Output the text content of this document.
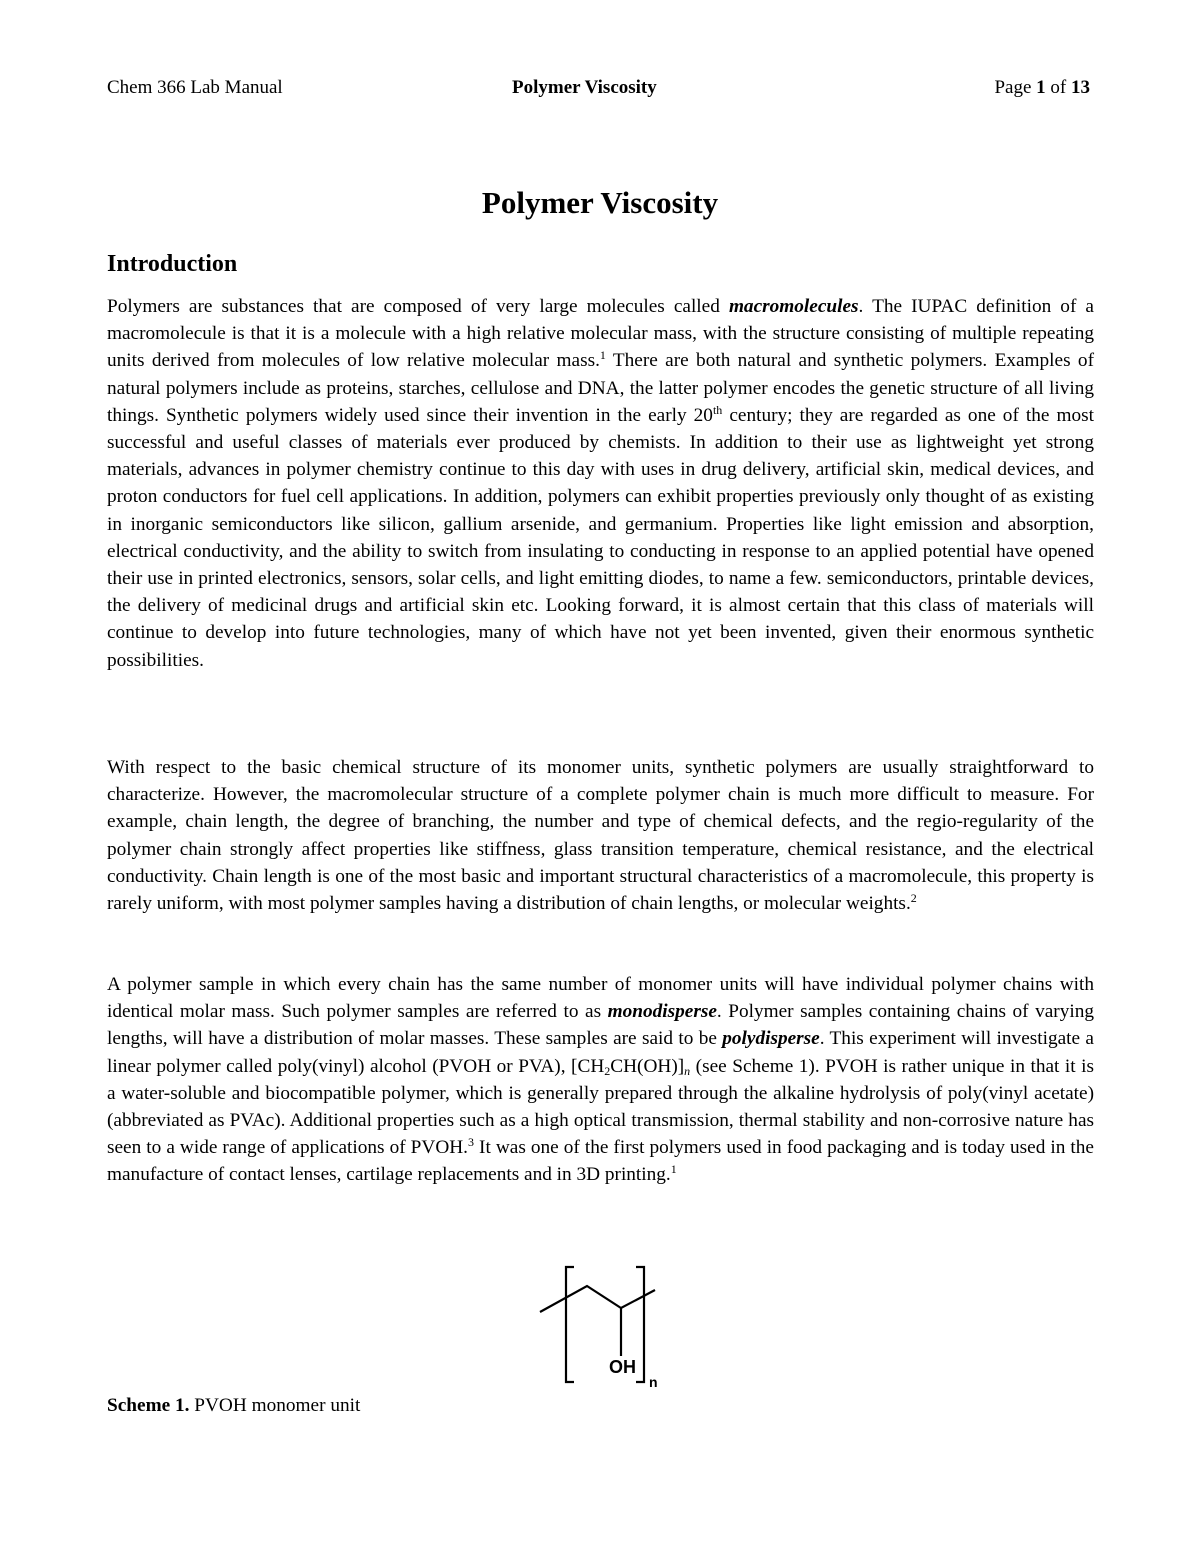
Chem 366 Lab Manual	Polymer Viscosity	Page 1 of 13
Polymer Viscosity
Introduction
Polymers are substances that are composed of very large molecules called macromolecules. The IUPAC definition of a macromolecule is that it is a molecule with a high relative molecular mass, with the structure consisting of multiple repeating units derived from molecules of low relative molecular mass.$^1$ There are both natural and synthetic polymers. Examples of natural polymers include as proteins, starches, cellulose and DNA, the latter polymer encodes the genetic structure of all living things. Synthetic polymers widely used since their invention in the early 20th century; they are regarded as one of the most successful and useful classes of materials ever produced by chemists. In addition to their use as lightweight yet strong materials, advances in polymer chemistry continue to this day with uses in drug delivery, artificial skin, medical devices, and proton conductors for fuel cell applications. In addition, polymers can exhibit properties previously only thought of as existing in inorganic semiconductors like silicon, gallium arsenide, and germanium. Properties like light emission and absorption, electrical conductivity, and the ability to switch from insulating to conducting in response to an applied potential have opened their use in printed electronics, sensors, solar cells, and light emitting diodes, to name a few. semiconductors, printable devices, the delivery of medicinal drugs and artificial skin etc. Looking forward, it is almost certain that this class of materials will continue to develop into future technologies, many of which have not yet been invented, given their enormous synthetic possibilities.
With respect to the basic chemical structure of its monomer units, synthetic polymers are usually straightforward to characterize. However, the macromolecular structure of a complete polymer chain is much more difficult to measure. For example, chain length, the degree of branching, the number and type of chemical defects, and the regio-regularity of the polymer chain strongly affect properties like stiffness, glass transition temperature, chemical resistance, and the electrical conductivity. Chain length is one of the most basic and important structural characteristics of a macromolecule, this property is rarely uniform, with most polymer samples having a distribution of chain lengths, or molecular weights.$^2$
A polymer sample in which every chain has the same number of monomer units will have individual polymer chains with identical molar mass. Such polymer samples are referred to as monodisperse. Polymer samples containing chains of varying lengths, will have a distribution of molar masses. These samples are said to be polydisperse. This experiment will investigate a linear polymer called poly(vinyl) alcohol (PVOH or PVA), $[CH_2CH(OH)]_n$ (see Scheme 1). PVOH is rather unique in that it is a water-soluble and biocompatible polymer, which is generally prepared through the alkaline hydrolysis of poly(vinyl acetate) (abbreviated as PVAc). Additional properties such as a high optical transmission, thermal stability and non-corrosive nature has seen to a wide range of applications of PVOH.$^3$ It was one of the first polymers used in food packaging and is today used in the manufacture of contact lenses, cartilage replacements and in 3D printing.$^1$
OH
n
Scheme 1. PVOH monomer unit
